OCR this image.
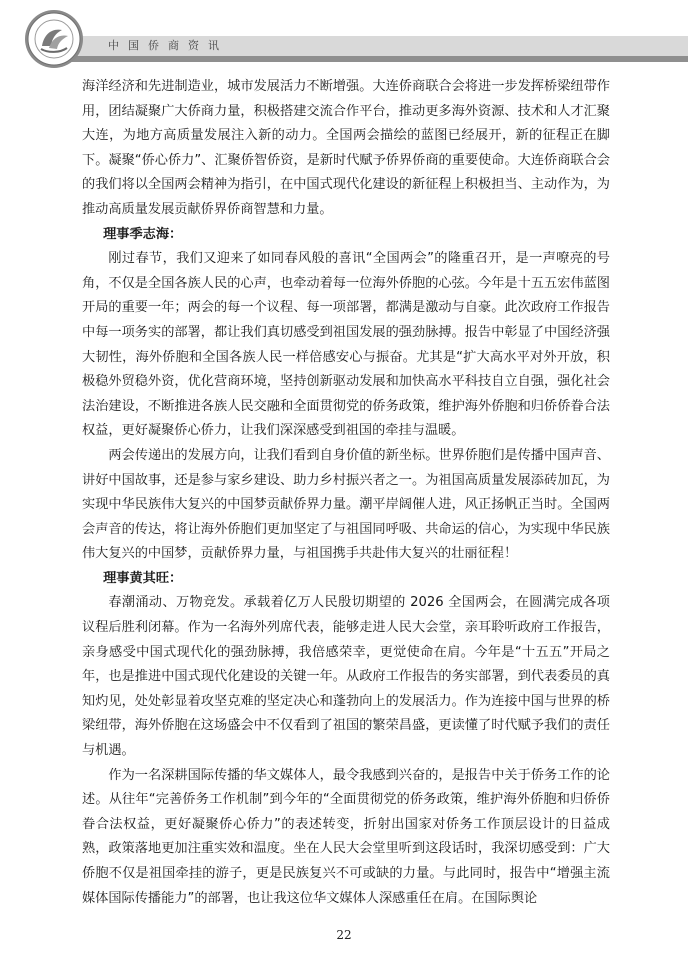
中国侨商资讯

海洋经济和先进制造业，城市发展活力不断增强。大连侨商联合会将进一步发挥桥梁纽带作用，团结凝聚广大侨商力量，积极搭建交流合作平台，推动更多海外资源、技术和人才汇聚大连，为地方高质量发展注入新的动力。全国两会描绘的蓝图已经展开，新的征程正在脚下。凝聚“侨心侨力”、汇聚侨智侨资，是新时代赋予侨界侨商的重要使命。大连侨商联合会的我们将以全国两会精神为指引，在中国式现代化建设的新征程上积极担当、主动作为，为推动高质量发展贡献侨界侨商智慧和力量。

理事季志海：

刚过春节，我们又迎来了如同春风般的喜讯“全国两会”的隆重召开，是一声嘹亮的号角，不仅是全国各族人民的心声，也牵动着每一位海外侨胞的心弦。今年是十五五宏伟蓝图开局的重要一年；两会的每一个议程、每一项部署，都满是激动与自豪。此次政府工作报告中每一项务实的部署，都让我们真切感受到祖国发展的强劲脉搏。报告中彰显了中国经济强大韧性，海外侨胞和全国各族人民一样倍感安心与振奋。尤其是“扩大高水平对外开放，积极稳外贸稳外资，优化营商环境，坚持创新驱动发展和加快高水平科技自立自强，强化社会法治建设，不断推进各族人民交融和全面贯彻党的侨务政策，维护海外侨胞和归侨侨眷合法权益，更好凝聚侨心侨力，让我们深深感受到祖国的牵挂与温暖。

两会传递出的发展方向，让我们看到自身价值的新坐标。世界侨胞们是传播中国声音、讲好中国故事，还是参与家乡建设、助力乡村振兴者之一。为祖国高质量发展添砖加瓦，为实现中华民族伟大复兴的中国梦贡献侨界力量。潮平岸阔催人进，风正扬帆正当时。全国两会声音的传达，将让海外侨胞们更加坚定了与祖国同呼吸、共命运的信心，为实现中华民族伟大复兴的中国梦，贡献侨界力量，与祖国携手共赴伟大复兴的壮丽征程！

理事黄其旺：

春潮涌动、万物竞发。承载着亿万人民殷切期望的 2026 全国两会，在圆满完成各项议程后胜利闭幕。作为一名海外列席代表，能够走进人民大会堂，亲耳聆听政府工作报告，亲身感受中国式现代化的强劲脉搏，我倍感荣幸，更觉使命在肩。今年是“十五五”开局之年，也是推进中国式现代化建设的关键一年。从政府工作报告的务实部署，到代表委员的真知灼见，处处彰显着攻坚克难的坚定决心和蓬勃向上的发展活力。作为连接中国与世界的桥梁纽带，海外侨胞在这场盛会中不仅看到了祖国的繁荣昌盛，更读懂了时代赋予我们的责任与机遇。

作为一名深耕国际传播的华文媒体人，最令我感到兴奋的，是报告中关于侨务工作的论述。从往年“完善侨务工作机制”到今年的“全面贯彻党的侨务政策，维护海外侨胞和归侨侨眷合法权益，更好凝聚侨心侨力”的表述转变，折射出国家对侨务工作顶层设计的日益成熟，政策落地更加注重实效和温度。坐在人民大会堂里听到这段话时，我深切感受到：广大侨胞不仅是祖国牵挂的游子，更是民族复兴不可或缺的力量。与此同时，报告中“增强主流媒体国际传播能力”的部署，也让我这位华文媒体人深感重任在肩。在国际舆论

22
